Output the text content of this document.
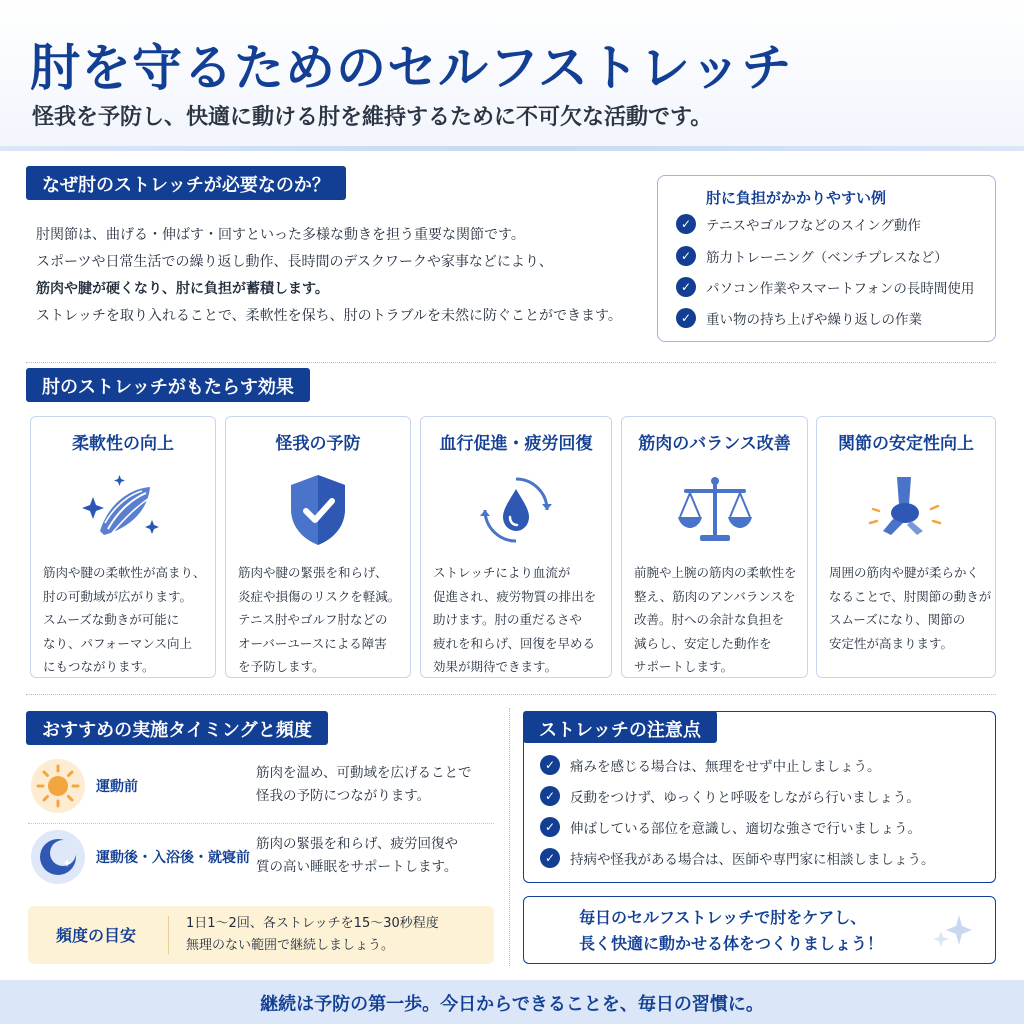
肘を守るためのセルフストレッチ
怪我を予防し、快適に動ける肘を維持するために不可欠な活動です。
なぜ肘のストレッチが必要なのか？

肘関節は、曲げる・伸ばす・回すといった多様な動きを担う重要な関節です。

スポーツや日常生活での繰り返し動作、長時間のデスクワークや家事などにより、

筋肉や腱が硬くなり、肘に負担が蓄積します。

ストレッチを取り入れることで、柔軟性を保ち、肘のトラブルを未然に防ぐことができます。

肘に負担がかかりやすい例
✓	テニスやゴルフなどのスイング動作
✓	筋力トレーニング（ベンチプレスなど）
✓	パソコン作業やスマートフォンの長時間使用
✓	重い物の持ち上げや繰り返しの作業
肘のストレッチがもたらす効果
柔軟性の向上

筋肉や腱の柔軟性が高まり、

肘の可動域が広がります。

スムーズな動きが可能に

なり、パフォーマンス向上

にもつながります。

怪我の予防

筋肉や腱の緊張を和らげ、

炎症や損傷のリスクを軽減。

テニス肘やゴルフ肘などの

オーバーユースによる障害

を予防します。

血行促進・疲労回復

ストレッチにより血流が

促進され、疲労物質の排出を

助けます。肘の重だるさや

疲れを和らげ、回復を早める

効果が期待できます。

筋肉のバランス改善

前腕や上腕の筋肉の柔軟性を

整え、筋肉のアンバランスを

改善。肘への余計な負担を

減らし、安定した動作を

サポートします。

関節の安定性向上

周囲の筋肉や腱が柔らかく

なることで、肘関節の動きが

スムーズになり、関節の

安定性が高まります。

おすすめの実施タイミングと頻度
運動前

筋肉を温め、可動域を広げることで

怪我の予防につながります。

運動後・入浴後・就寝前

筋肉の緊張を和らげ、疲労回復や

質の高い睡眠をサポートします。

頻度の目安

1日1〜2回、各ストレッチを15〜30秒程度

無理のない範囲で継続しましょう。

ストレッチの注意点
✓	痛みを感じる場合は、無理をせず中止しましょう。
✓	反動をつけず、ゆっくりと呼吸をしながら行いましょう。
✓	伸ばしている部位を意識し、適切な強さで行いましょう。
✓	持病や怪我がある場合は、医師や専門家に相談しましょう。

毎日のセルフストレッチで肘をケアし、

長く快適に動かせる体をつくりましょう！

継続は予防の第一歩。今日からできることを、毎日の習慣に。
